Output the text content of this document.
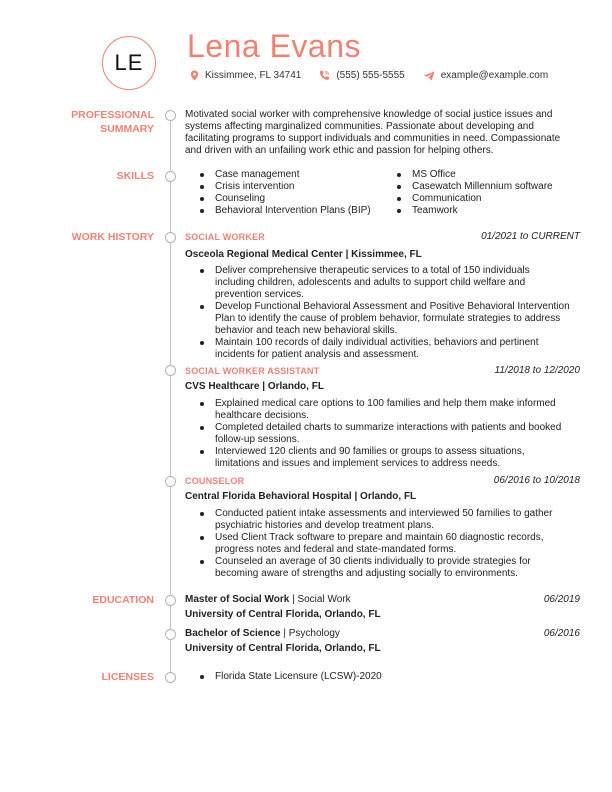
LE Lena Evans
Kissimmee, FL 34741	(555) 555-5555	example@example.com
PROFESSIONAL
SUMMARY
SKILLS
WORK HISTORY
EDUCATION
LICENSES
Motivated social worker with comprehensive knowledge of social justice issues and
systems affecting marginalized communities. Passionate about developing and
facilitating programs to support individuals and communities in need. Compassionate
and driven with an unfailing work ethic and passion for helping others.
Case management
Crisis intervention
Counseling
Behavioral Intervention Plans (BIP)
MS Office
Casewatch Millennium software
Communication
Teamwork
SOCIAL WORKER	01/2021 to CURRENT
Osceola Regional Medical Center | Kissimmee, FL
Deliver comprehensive therapeutic services to a total of 150 individuals
including children, adolescents and adults to support child welfare and
prevention services.
Develop Functional Behavioral Assessment and Positive Behavioral Intervention
Plan to identify the cause of problem behavior, formulate strategies to address
behavior and teach new behavioral skills.
Maintain 100 records of daily individual activities, behaviors and pertinent
incidents for patient analysis and assessment.
SOCIAL WORKER ASSISTANT	11/2018 to 12/2020
CVS Healthcare | Orlando, FL
Explained medical care options to 100 families and help them make informed
healthcare decisions.
Completed detailed charts to summarize interactions with patients and booked
follow-up sessions.
Interviewed 120 clients and 90 families or groups to assess situations,
limitations and issues and implement services to address needs.
COUNSELOR	06/2016 to 10/2018
Central Florida Behavioral Hospital | Orlando, FL
Conducted patient intake assessments and interviewed 50 families to gather
psychiatric histories and develop treatment plans.
Used Client Track software to prepare and maintain 60 diagnostic records,
progress notes and federal and state-mandated forms.
Counseled an average of 30 clients individually to provide strategies for
becoming aware of strengths and adjusting socially to environments.
Master of Social Work | Social Work	06/2019
University of Central Florida, Orlando, FL
Bachelor of Science | Psychology	06/2016
University of Central Florida, Orlando, FL
Florida State Licensure (LCSW)-2020
